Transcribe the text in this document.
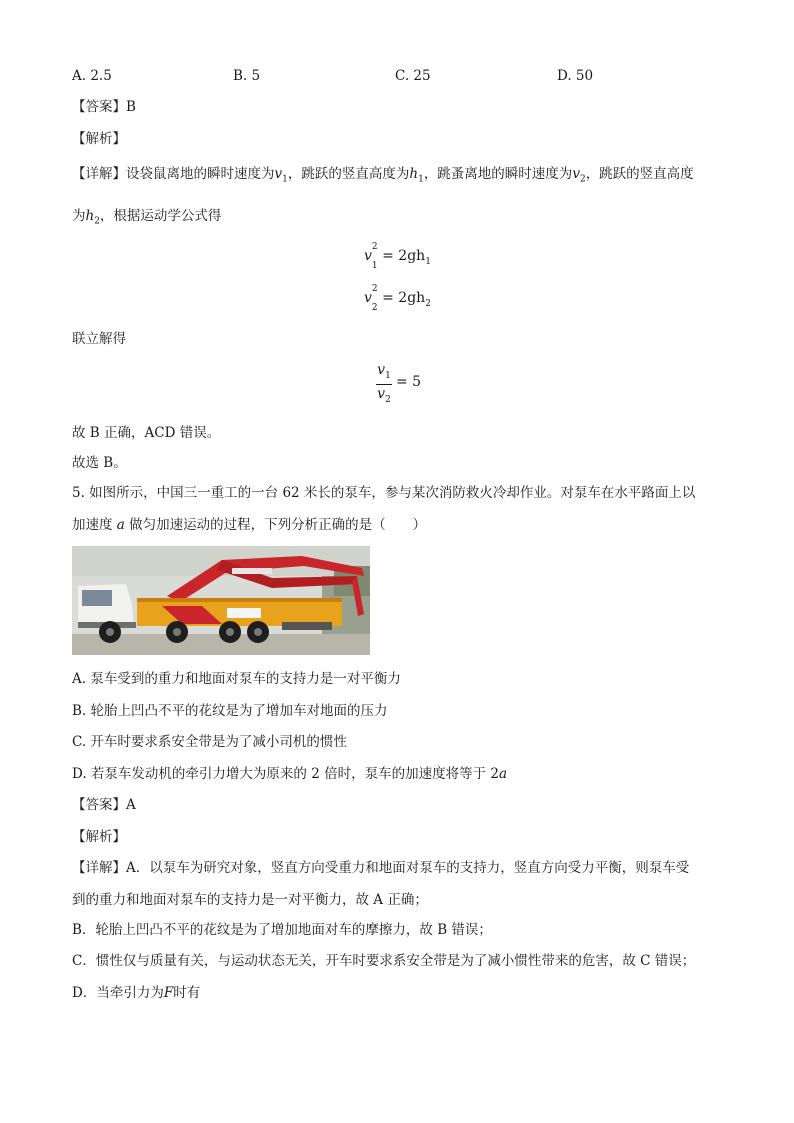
A. 2.5	B. 5	C. 25	D. 50
【答案】B
【解析】
【详解】设袋鼠离地的瞬时速度为$v_1$，跳跃的竖直高度为$h_1$，跳蚤离地的瞬时速度为$v_2$，跳跃的竖直高度
为$h_2$，根据运动学公式得
v
2
$_1 = 2gh_1$
v
2
$_2 = 2gh_2$
联立解得
$v_1$
$v_2$
= 5
故 B 正确，ACD 错误。
故选 B。
5. 如图所示，中国三一重工的一台 62 米长的泵车，参与某次消防救火冷却作业。对泵车在水平路面上以
加速度 a 做匀加速运动的过程，下列分析正确的是（　　）
A. 泵车受到的重力和地面对泵车的支持力是一对平衡力
B. 轮胎上凹凸不平的花纹是为了增加车对地面的压力
C. 开车时要求系安全带是为了减小司机的惯性
D. 若泵车发动机的牵引力增大为原来的 2 倍时，泵车的加速度将等于 2a
【答案】A
【解析】
【详解】A．以泵车为研究对象，竖直方向受重力和地面对泵车的支持力，竖直方向受力平衡，则泵车受
到的重力和地面对泵车的支持力是一对平衡力，故 A 正确；
B．轮胎上凹凸不平的花纹是为了增加地面对车的摩擦力，故 B 错误；
C．惯性仅与质量有关，与运动状态无关，开车时要求系安全带是为了减小惯性带来的危害，故 C 错误；
D．当牵引力为F时有
